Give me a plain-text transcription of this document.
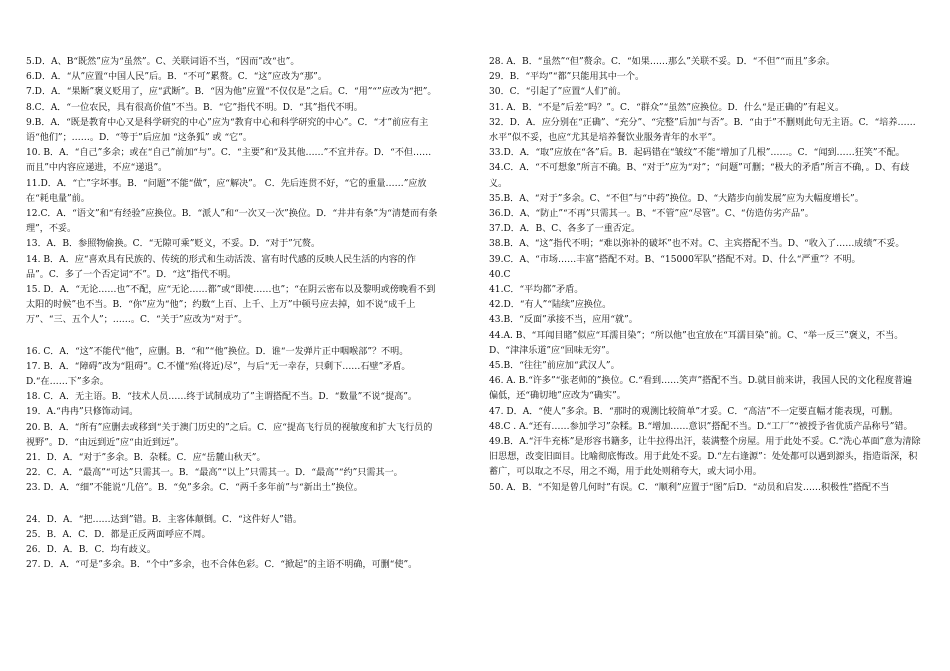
5.D．A、B“既然”应为“虽然”。C、关联词语不当，“因而”改“也”。

6.D．A．“从”应置“中国人民”后。B．“不可”累赘。C．“这”应改为“那”。

7.D．A．“果断”褒义贬用了，应“武断”。B．“因为他”应置“不仅仅是”之后。C．“用”“”应改为“把”。

8.C．A．“一位农民，具有很高价值”不当。B．“它”指代不明。D．“其”指代不明。

9.B．A．“既是教育中心又是科学研究的中心”应为“教育中心和科学研究的中心”。C．“才”前应有主语“他们”；……。D．“等于”后应加 “这条狐” 或 “它”。

10. B．A．“自己”多余；或在“自己”前加“与”。C．“主要”和“及其他……”不宜并存。D．“不但……而且”中内容应递进，不应“递退”。

11.D．A．“亡”字坏事。B．“问题”不能“做”，应“解决”。 C．先后连贯不好，“它的重量……”应放在“耗电量”前。

12.C．A．“语文”和“有经验”应换位。B．“派人”和“一次又一次”换位。D．“井井有条”为“清楚而有条理”，不妥。

13．A．B．参照物偷换。C．“无隙可乘”贬义，不妥。D．“对于”冗赘。

14. B．A．应“喜欢具有民族的、传统的形式和生动活泼、富有时代感的反映人民生活的内容的作品”。C．多了一个否定词“不”。D．“这”指代不明。

15. D．A．“无论……也”不配，应“无论……都”或“即使……也”；“在阴云密布以及黎明或傍晚看不到太阳的时候”也不当。B．“你”应为“他”；约数“上百、上千、上万”中顿号应去掉，如不说“成千上万”、“三、五个人”；……。C．“关于”应改为“对于”。

16. C．A．“这”不能代“他”，应删。B．“和”“他”换位。D．谁“一发弹片正中咽喉部”？不明。

17. B．A．“障碍”改为“阻碍”。C.不懂“殆(将近)尽”，与后“无一幸存，只剩下……石壁”矛盾。 D.“在……下”多余。

18. C．A．无主语。B．“技术人员……终于试制成功了”主谓搭配不当。D．“数量”不说“提高”。

19．A.“冉冉”只修饰动词。

20. B．A．“所有”应删去或移到“关于澳门历史的”之后。C．应“提高飞行员的视敏度和扩大飞行员的视野”。D．“由远到近”应“由近到远”。

21．D．A．“对于”多余。B．杂糅。C．应“岳麓山秋天”。

22．C．A．“最高”“可达”只需其一。B．“最高”“以上”只需其一。D．“最高”“约”只需其一。

23. D．A．“细”不能说“几倍”。B．“免”多余。C．“两千多年前”与“新出土”换位。

24．D．A．“把……达到”错。B．主客体颠倒。C．“这件好人”错。

25．B．A．C．D．都是正反两面呼应不周。

26．D．A．B．C．均有歧义。

27. D．A．“可是”多余。B．“个中”多余，也不合体色彩。C．“掀起”的主语不明确，可删“使”。

28. A．B．“虽然”“但”赘余。C．“如果……那么”关联不妥。D．“不但”“而且”多余。

29．B．“平均”“都”只能用其中一个。

30．C．“引起了”应置“人们”前。

31. A．B．“不是”后差“吗？”。C．“群众”“虽然”应换位。D．什么“是正确的”有起义。

32．D．A．应分别在“正确”、“充分”、“完整”后加“与否”。B．“由于”不删则此句无主语。C．“培养……水平”似不妥，也应“尤其是培养餐饮业服务青年的水平”。

33.D．A．“取”应放在“各”后。B．起码错在“皱纹”不能“增加了几根”……。C．“闻到……狂笑”不配。

34.C．A．“不可想象”所言不确。B、“对于”应为“对”；“问题”可删；“极大的矛盾”所言不确，。D、有歧义。

35.B．A、“对于”多余。C、“不但”与“中药”换位。D、“大踏步向前发展”应为大幅度增长”。

36.D．A、“防止”“不再”只需其一。B、“不管”应“尽管”。C、“仿造仿劣产品”。

37.D．A．B、C、各多了一重否定。

38.B．A、“这”指代不明；“难以弥补的破坏”也不对。C、主宾搭配不当。D、“收入了……成绩”不妥。

39.C．A、“市场……丰富”搭配不对。B、“15000军队”搭配不对。D、什么“严重”？不明。

40.C

41.C．“平均都”矛盾。

42.D．“有人”“陆续”应换位。

43.B．“反面”承接不当，应用“就”。

44.A. B、“耳闻目睹”似应“耳濡目染”；“所以他”也宜放在“耳濡目染”前。C、“举一反三”褒义，不当。D、“津津乐道”应“回味无穷”。

45.B．“往往”前应加“武汉人”。

46. A. B.“许多”“张老师的”换位。C.“看到……笑声”搭配不当。D.就目前来讲，我国人民的文化程度普遍偏低，还“确切地”应改为“确实”。

47. D．A．“使人”多余。B．“那时的观测比较简单”才妥。C．“高洁”不一定要直幅才能表现，可删。

48.C . A.“还有……参加学习”杂糅。B.“增加……意识”搭配不当。D.“工厂”“被授予省优质产品称号”错。

49.B．A.“汗牛充栋”是形容书籍多，让牛拉得出汗，装满整个房屋。用于此处不妥。C.“洗心革面”意为清除旧思想，改变旧面目。比喻彻底悔改。用于此处不妥。D.“左右逢源”：处处都可以遇到源头，指造诣深，积蓄广，可以取之不尽，用之不竭，用于此处则稍夸大，或大词小用。

50. A．B．“不知是曾几何时”有误。C．“顺利”应置于“图”后D．“动员和启发……积极性”搭配不当
